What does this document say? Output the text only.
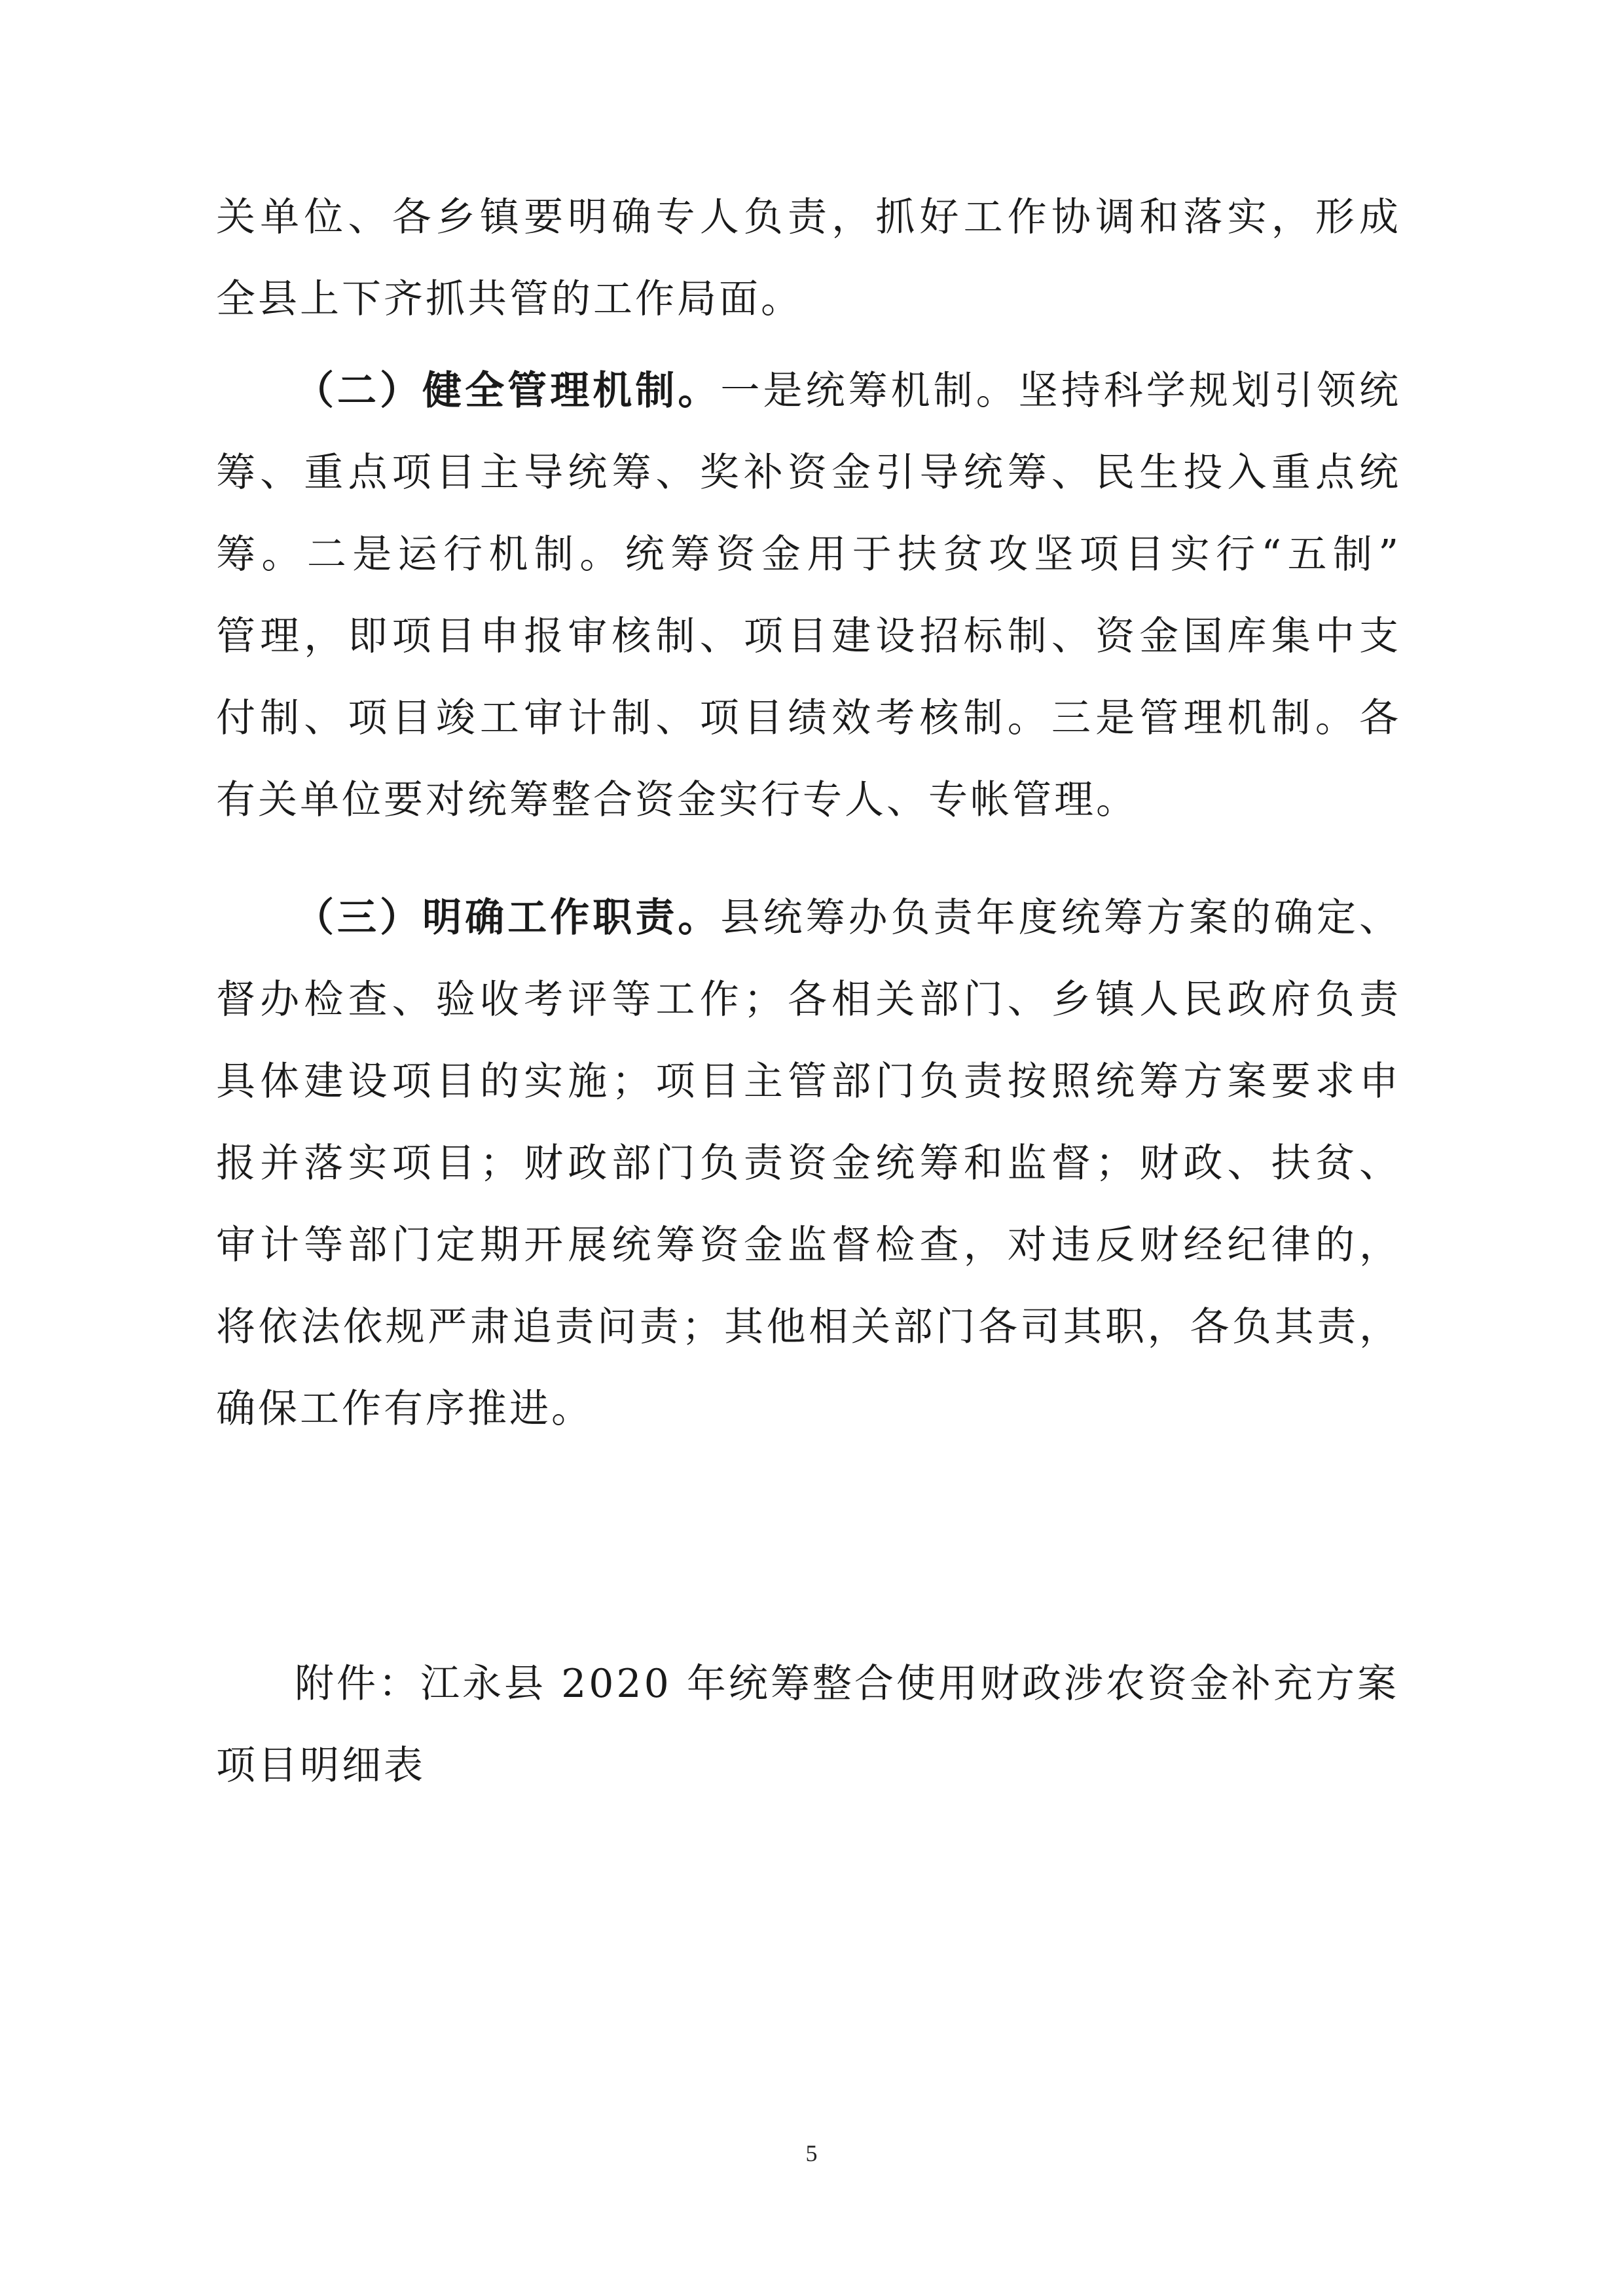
关单位、各乡镇要明确专人负责，抓好工作协调和落实，形成
全县上下齐抓共管的工作局面。
（二）健全管理机制。一是统筹机制。坚持科学规划引领统
筹、重点项目主导统筹、奖补资金引导统筹、民生投入重点统
筹。二是运行机制。统筹资金用于扶贫攻坚项目实行“五制”
管理，即项目申报审核制、项目建设招标制、资金国库集中支
付制、项目竣工审计制、项目绩效考核制。三是管理机制。各
有关单位要对统筹整合资金实行专人、专帐管理。
（三）明确工作职责。县统筹办负责年度统筹方案的确定、
督办检查、验收考评等工作；各相关部门、乡镇人民政府负责
具体建设项目的实施；项目主管部门负责按照统筹方案要求申
报并落实项目；财政部门负责资金统筹和监督；财政、扶贫、
审计等部门定期开展统筹资金监督检查，对违反财经纪律的，
将依法依规严肃追责问责；其他相关部门各司其职，各负其责，
确保工作有序推进。
附件：江永县 2020 年统筹整合使用财政涉农资金补充方案
项目明细表
5
